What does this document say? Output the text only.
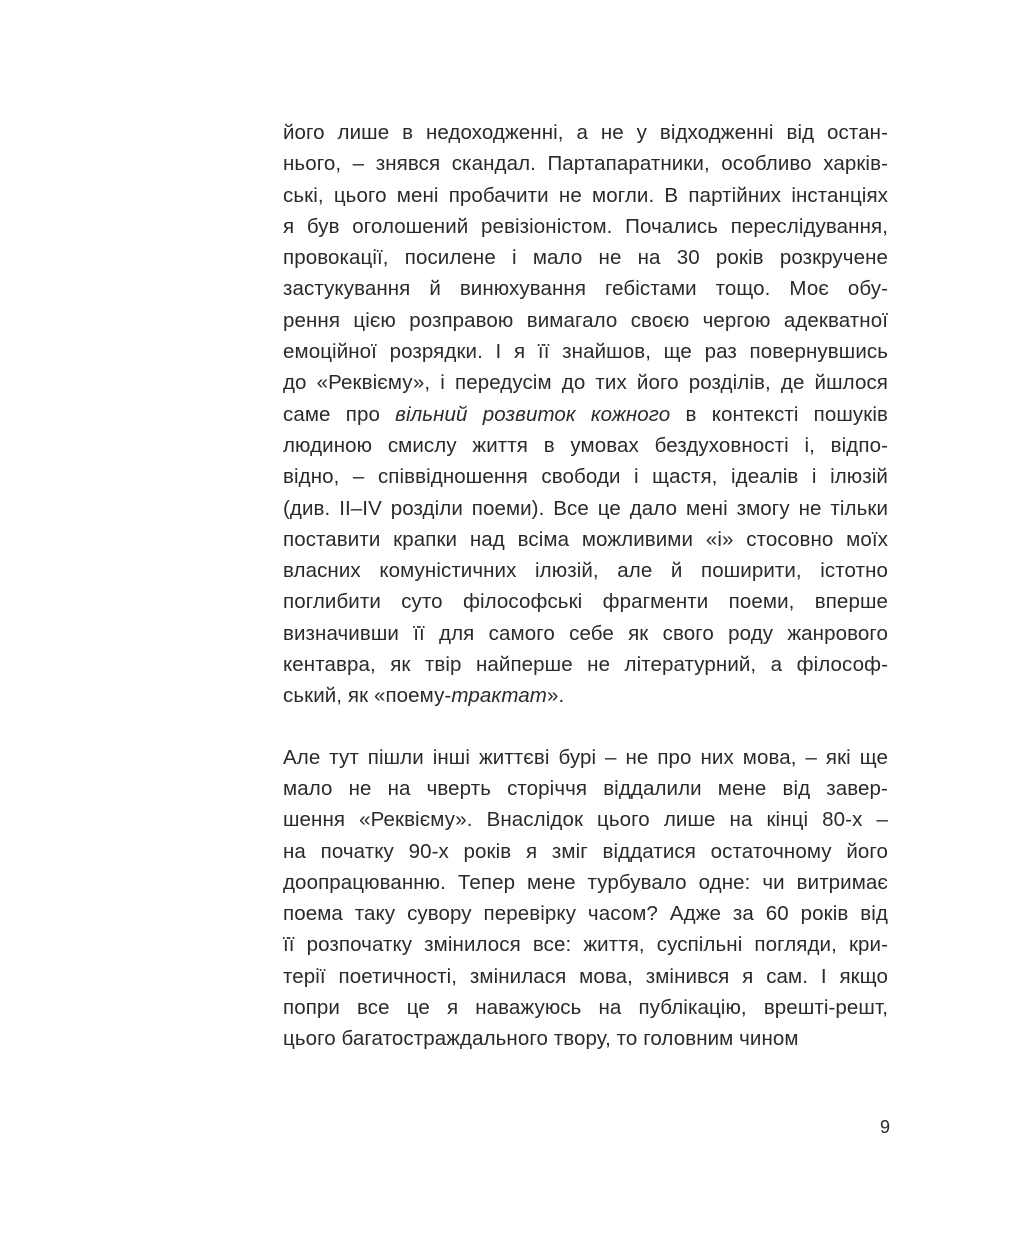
його лише в недоходженні, а не у відходженні від остан-
нього, – знявся скандал. Партапаратники, особливо харків-
ські, цього мені пробачити не могли. В партійних інстанціях
я був оголошений ревізіоністом. Почались переслідування,
провокації, посилене і мало не на 30 років розкручене
застукування й винюхування гебістами тощо. Моє обу-
рення цією розправою вимагало своєю чергою адекватної
емоційної розрядки. І я її знайшов, ще раз повернувшись
до «Реквієму», і передусім до тих його розділів, де йшлося
саме про вільний розвиток кожного в контексті пошуків
людиною смислу життя в умовах бездуховності і, відпо-
відно, – співвідношення свободи і щастя, ідеалів і ілюзій
(див. ІІ–ІV розділи поеми). Все це дало мені змогу не тільки
поставити крапки над всіма можливими «і» стосовно моїх
власних комуністичних ілюзій, але й поширити, істотно
поглибити суто філософські фрагменти поеми, вперше
визначивши її для самого себе як свого роду жанрового
кентавра, як твір найперше не літературний, а філософ-
ський, як «поему-трактат».
Але тут пішли інші життєві бурі – не про них мова, – які ще
мало не на чверть сторіччя віддалили мене від завер-
шення «Реквієму». Внаслідок цього лише на кінці 80-х –
на початку 90-х років я зміг віддатися остаточному його
доопрацюванню. Тепер мене турбувало одне: чи витримає
поема таку сувору перевірку часом? Адже за 60 років від
її розпочатку змінилося все: життя, суспільні погляди, кри-
терії поетичності, змінилася мова, змінився я сам. І якщо
попри все це я наважуюсь на публікацію, врешті-решт,
цього багатостраждального твору, то головним чином
9
